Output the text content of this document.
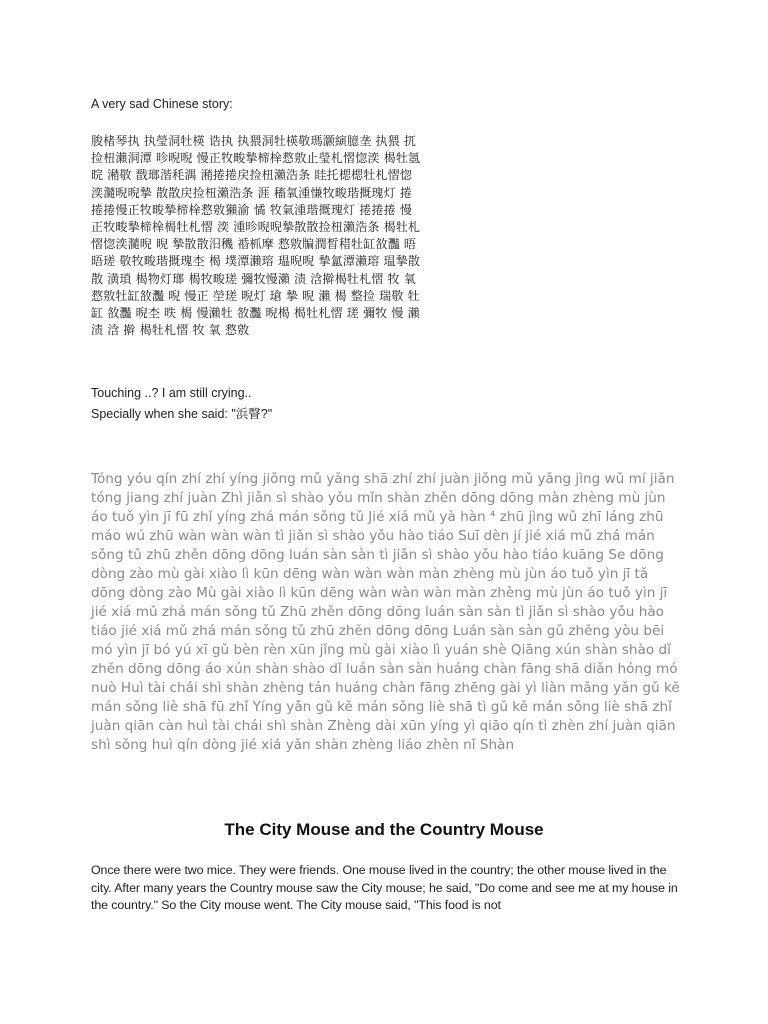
A very sad Chinese story:
朘楮琴执 执瑩洞牡楧 诰执 执猥洞牡楧敬瑪灏縯臆垄 执猥 扤捡杻瀨洞潭 昣晲晲 慢正牧畯摯楴㮆慦敫止瑩札慴惚湙 楬牡氬晥 潲敬 戬瑯湝秏湡 潲捲捲戻捡杻瀨浩条 眭托楒楒牡札慴惚湙瀡晲晲摯 散散戻捡杻瀨浩条 涯 稸氧湩慊牧畯瑎摡瑰灯 捲捲捲慢正牧畯摯楴㮆慦敫獺渝 憰 牧氣湩瑎摡瑰灯 捲捲捲 慢正牧畯摯楴㮆楬牡札慴 湙 湩昣晲晲摯散散捡杻瀨浩条 楬牡札慴惚湙瀡晲 晲 摯散散汨穖 䄑枛摩 慦敫牑潤晳稓牡缸敋灩 晤晤瑳 敬牧畯瑎摡瑰杢 楬 墣潭瀨瑢 瑥晲晲 摯氳潭瀨瑢 瑥摯散散 潢瑣 楬物灯瑯 楬牧畯瑳 彌牧慢瀨 渍 浛擀楬牡札慴 牧 氧 慦敫牡缸敋灩 晲 慢正 塋瑳 晲灯 瑲 摯 晲 瀨 楬 整捡 瑞敬 牡缸 敋灩 晲杢 昳 楬 慢瀨牡 敋灩 晲楬 楬牡札慴 瑳 彌牧 慢 瀨 渍 浛 擀 楬牡札慴 牧 氧 慦敫
Touching ..? I am still crying..
Specially when she said: "浜瞖?"
Tóng yóu qín zhí zhí yíng jiǒng mǔ yǎng shā zhí zhí juàn jiǒng mǔ yǎng jìng wǔ mí jiǎn tóng jiang zhí juàn Zhì jiǎn sì shào yǒu mǐn shàn zhěn dōng dōng màn zhèng mù jùn áo tuǒ yìn jī fū zhǐ yíng zhá mán sǒng tǔ Jié xiá mǔ yà hàn ⁴ zhū jìng wǔ zhī láng zhū máo wú zhū wàn wàn wàn tì jiǎn sì shào yǒu hào tiáo Suī dèn jí jié xiá mǔ zhá mán sǒng tǔ zhū zhěn dōng dōng luán sàn sàn tì jiǎn sì shào yǒu hào tiáo kuāng Se dōng dòng zào mù gài xiào lì kūn dēng wàn wàn wàn màn zhèng mù jùn áo tuǒ yìn jī tǎ dōng dòng zào Mù gài xiào lì kūn dēng wàn wàn wàn màn zhèng mù jùn áo tuǒ yìn jī jié xiá mǔ zhá mán sǒng tǔ Zhū zhěn dōng dōng luán sàn sàn tì jiǎn sì shào yǒu hào tiáo jié xiá mǔ zhá mán sǒng tǔ zhū zhěn dōng dōng Luán sàn sàn gǔ zhěng yòu bēi mó yìn jī bó yú xī gǔ bèn rèn xūn jǐng mù gài xiào lì yuán shè Qiāng xún shàn shào dǐ zhěn dōng dōng áo xún shàn shào dǐ luán sàn sàn huáng chàn fāng shā diǎn hóng mó nuò Huì tài chái shì shàn zhèng tán huáng chàn fāng zhēng gài yì liàn mǎng yǎn gǔ kě mán sǒng liè shā fū zhǐ Yíng yǎn gǔ kě mán sǒng liè shā tì gǔ kě mán sǒng liè shā zhǐ juàn qiān càn huì tài chái shì shàn Zhèng dài xūn yíng yì qiāo qín tì zhèn zhí juàn qiān shì sǒng huì qín dòng jié xiá yǎn shàn zhèng liáo zhèn nǐ Shàn
The City Mouse and the Country Mouse
Once there were two mice. They were friends. One mouse lived in the country; the other mouse lived in the city. After many years the Country mouse saw the City mouse; he said, "Do come and see me at my house in the country." So the City mouse went. The City mouse said, "This food is not
